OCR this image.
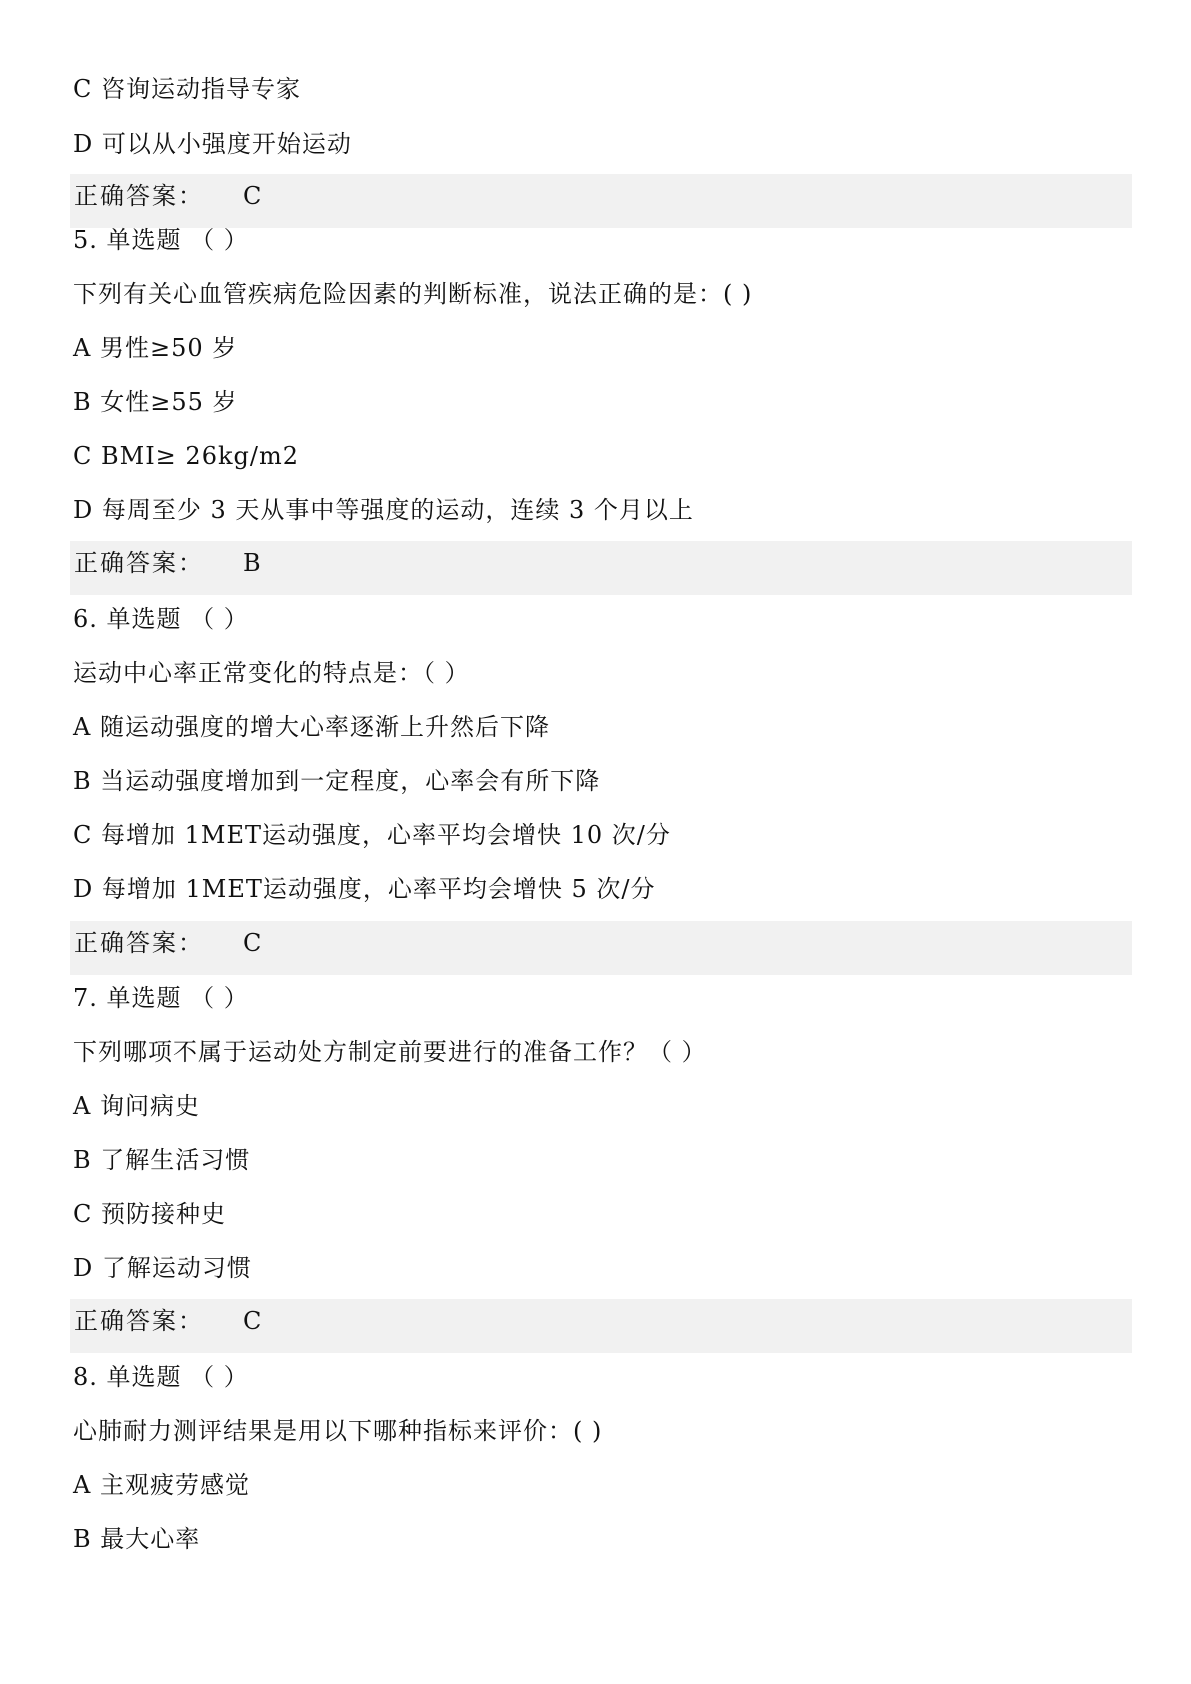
C 咨询运动指导专家
D 可以从小强度开始运动
正确答案： C
5. 单选题 （ ）
下列有关心血管疾病危险因素的判断标准，说法正确的是：( )
A 男性≥50 岁
B 女性≥55 岁
C BMI≥ 26kg/m2
D 每周至少 3 天从事中等强度的运动，连续 3 个月以上
正确答案： B
6. 单选题 （ ）
运动中心率正常变化的特点是：（ ）
A 随运动强度的增大心率逐渐上升然后下降
B 当运动强度增加到一定程度，心率会有所下降
C 每增加 1MET运动强度，心率平均会增快 10 次/分
D 每增加 1MET运动强度，心率平均会增快 5 次/分
正确答案： C
7. 单选题 （ ）
下列哪项不属于运动处方制定前要进行的准备工作？（ ）
A 询问病史
B 了解生活习惯
C 预防接种史
D 了解运动习惯
正确答案： C
8. 单选题 （ ）
心肺耐力测评结果是用以下哪种指标来评价：( )
A 主观疲劳感觉
B 最大心率
